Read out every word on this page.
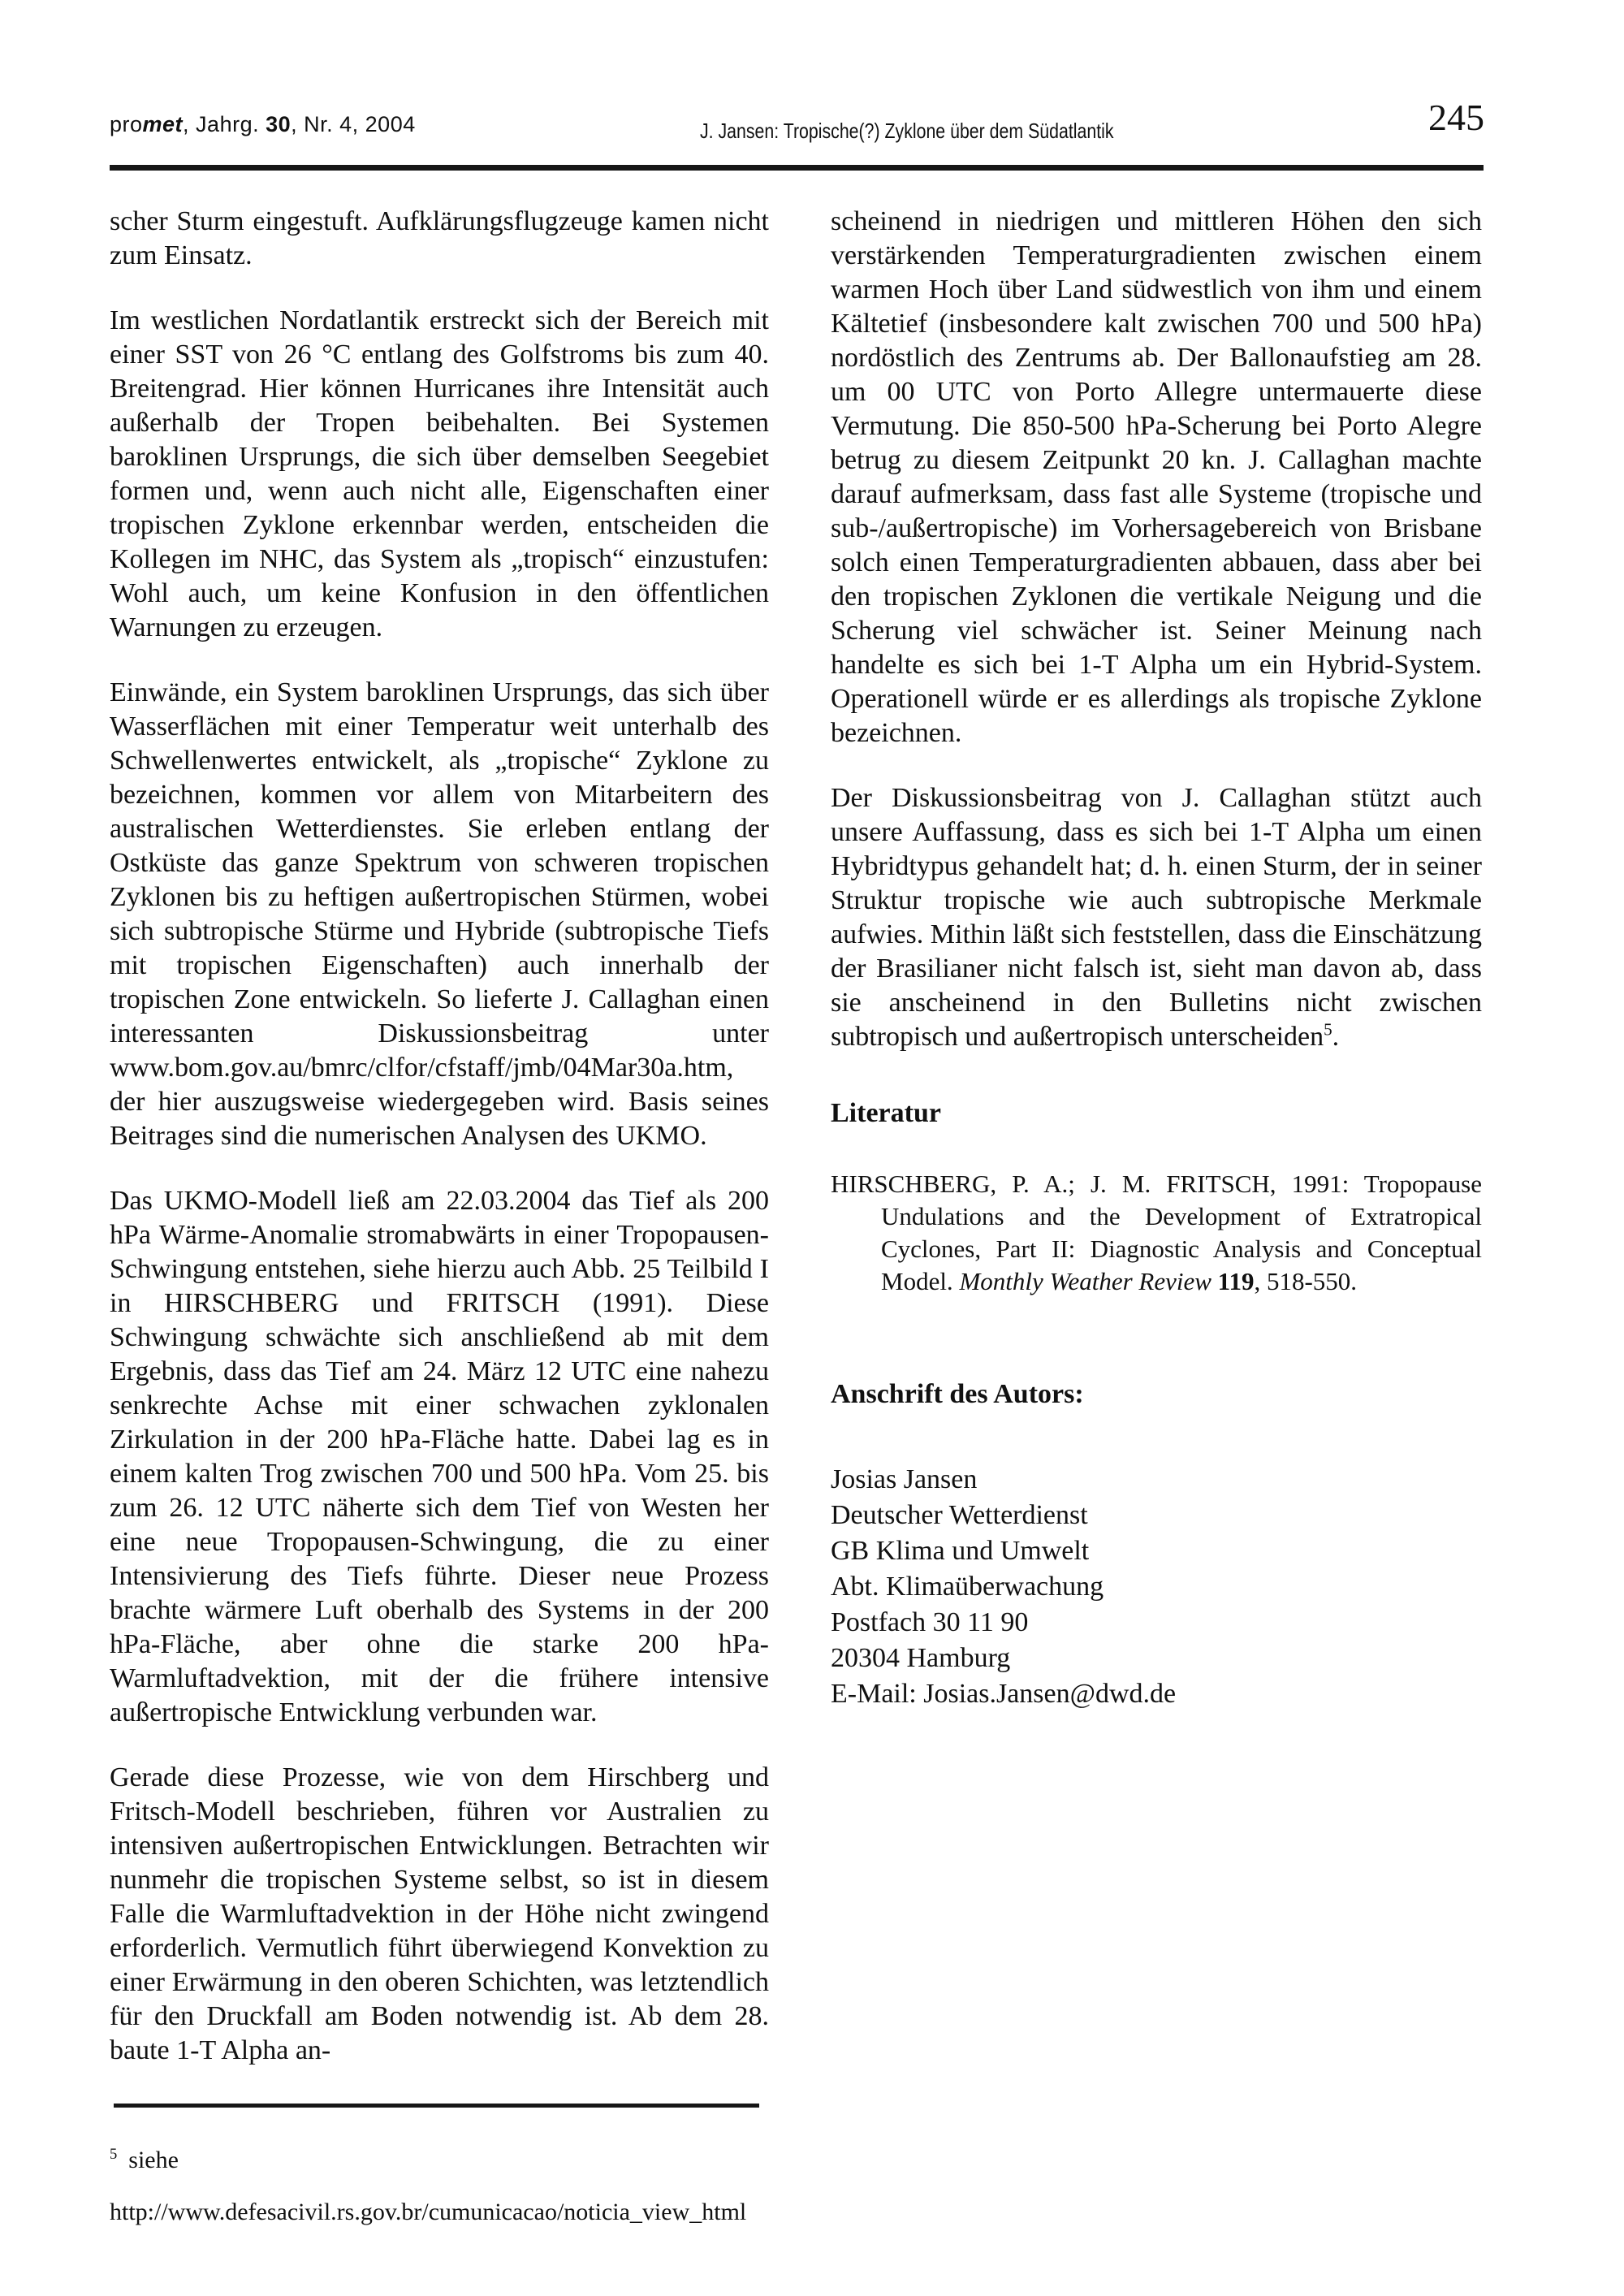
promet, Jahrg. 30, Nr. 4, 2004	J. Jansen: Tropische(?) Zyklone über dem Südatlantik	245

scher Sturm eingestuft. Aufklärungsflugzeuge kamen nicht zum Einsatz.

Im westlichen Nordatlantik erstreckt sich der Bereich mit einer SST von 26 °C entlang des Golfstroms bis zum 40. Breitengrad. Hier können Hurricanes ihre Intensität auch außerhalb der Tropen beibehalten. Bei Systemen baroklinen Ursprungs, die sich über demselben Seegebiet formen und, wenn auch nicht alle, Eigenschaften einer tropischen Zyklone erkennbar werden, entscheiden die Kollegen im NHC, das System als „tropisch“ einzustufen: Wohl auch, um keine Konfusion in den öffentlichen Warnungen zu erzeugen.

Einwände, ein System baroklinen Ursprungs, das sich über Wasserflächen mit einer Temperatur weit unterhalb des Schwellenwertes entwickelt, als „tropische“ Zyklone zu bezeichnen, kommen vor allem von Mitarbeitern des australischen Wetterdienstes. Sie erleben entlang der Ostküste das ganze Spektrum von schweren tropischen Zyklonen bis zu heftigen außertropischen Stürmen, wobei sich subtropische Stürme und Hybride (subtropische Tiefs mit tropischen Eigenschaften) auch innerhalb der tropischen Zone entwickeln. So lieferte J. Callaghan einen interessanten Diskussionsbeitrag unter www.bom.gov.au/bmrc/clfor/cfstaff/jmb/04Mar30a.htm, der hier auszugsweise wiedergegeben wird. Basis seines Beitrages sind die numerischen Analysen des UKMO.

Das UKMO-Modell ließ am 22.03.2004 das Tief als 200 hPa Wärme-Anomalie stromabwärts in einer Tropopausen-Schwingung entstehen, siehe hierzu auch Abb. 25 Teilbild I in HIRSCHBERG und FRITSCH (1991). Diese Schwingung schwächte sich anschließend ab mit dem Ergebnis, dass das Tief am 24. März 12 UTC eine nahezu senkrechte Achse mit einer schwachen zyklonalen Zirkulation in der 200 hPa-Fläche hatte. Dabei lag es in einem kalten Trog zwischen 700 und 500 hPa. Vom 25. bis zum 26. 12 UTC näherte sich dem Tief von Westen her eine neue Tropopausen-Schwingung, die zu einer Intensivierung des Tiefs führte. Dieser neue Prozess brachte wärmere Luft oberhalb des Systems in der 200 hPa-Fläche, aber ohne die starke 200 hPa-Warmluftadvektion, mit der die frühere intensive außertropische Entwicklung verbunden war.

Gerade diese Prozesse, wie von dem Hirschberg und Fritsch-Modell beschrieben, führen vor Australien zu intensiven außertropischen Entwicklungen. Betrachten wir nunmehr die tropischen Systeme selbst, so ist in diesem Falle die Warmluftadvektion in der Höhe nicht zwingend erforderlich. Vermutlich führt überwiegend Konvektion zu einer Erwärmung in den oberen Schichten, was letztendlich für den Druckfall am Boden notwendig ist. Ab dem 28. baute 1-T Alpha an-

scheinend in niedrigen und mittleren Höhen den sich verstärkenden Temperaturgradienten zwischen einem warmen Hoch über Land südwestlich von ihm und einem Kältetief (insbesondere kalt zwischen 700 und 500 hPa) nordöstlich des Zentrums ab. Der Ballonaufstieg am 28. um 00 UTC von Porto Allegre untermauerte diese Vermutung. Die 850-500 hPa-Scherung bei Porto Alegre betrug zu diesem Zeitpunkt 20 kn. J. Callaghan machte darauf aufmerksam, dass fast alle Systeme (tropische und sub-/außertropische) im Vorhersagebereich von Brisbane solch einen Temperaturgradienten abbauen, dass aber bei den tropischen Zyklonen die vertikale Neigung und die Scherung viel schwächer ist. Seiner Meinung nach handelte es sich bei 1-T Alpha um ein Hybrid-System. Operationell würde er es allerdings als tropische Zyklone bezeichnen.

Der Diskussionsbeitrag von J. Callaghan stützt auch unsere Auffassung, dass es sich bei 1-T Alpha um einen Hybridtypus gehandelt hat; d. h. einen Sturm, der in seiner Struktur tropische wie auch subtropische Merkmale aufwies. Mithin läßt sich feststellen, dass die Einschätzung der Brasilianer nicht falsch ist, sieht man davon ab, dass sie anscheinend in den Bulletins nicht zwischen subtropisch und außertropisch unterscheiden$^5$.

Literatur

HIRSCHBERG, P. A.; J. M. FRITSCH, 1991: Tropopause Undulations and the Development of Extratropical Cyclones, Part II: Diagnostic Analysis and Conceptual Model. Monthly Weather Review 119, 518-550.

Anschrift des Autors:
Josias Jansen
Deutscher Wetterdienst
GB Klima und Umwelt
Abt. Klimaüberwachung
Postfach 30 11 90
20304 Hamburg
E-Mail: Josias.Jansen@dwd.de
$^5$ siehe http://www.defesacivil.rs.gov.br/cumunicacao/noticia_view_html
